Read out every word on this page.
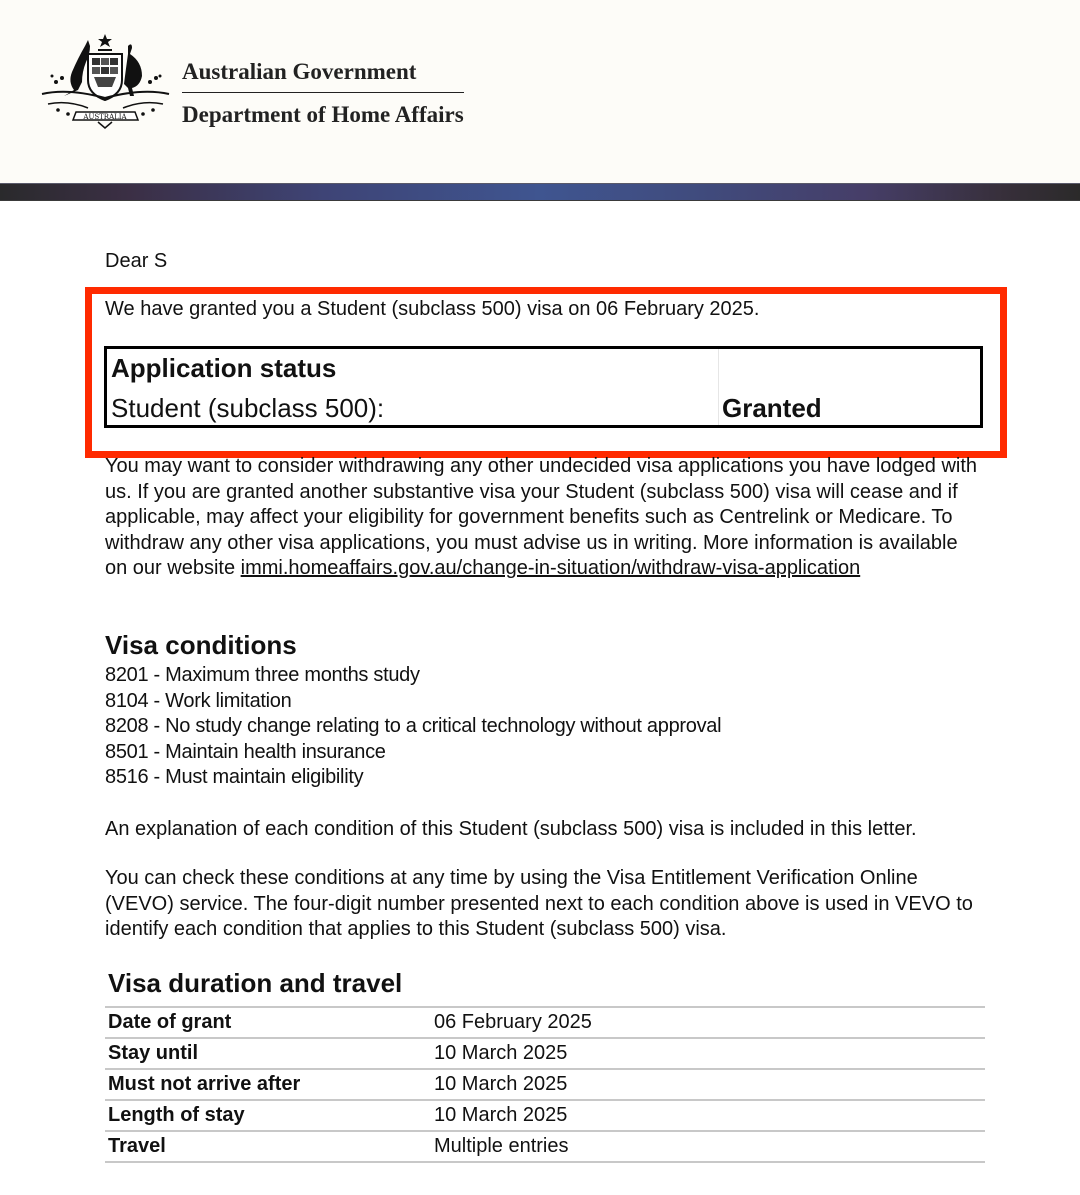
AUSTRALIA
Australian Government
Department of Home Affairs
Dear S
We have granted you a Student (subclass 500) visa on 06 February 2025.
Application status
Student (subclass 500):	Granted
You may want to consider withdrawing any other undecided visa applications you have lodged with us. If you are granted another substantive visa your Student (subclass 500) visa will cease and if applicable, may affect your eligibility for government benefits such as Centrelink or Medicare. To withdraw any other visa applications, you must advise us in writing. More information is available on our website immi.homeaffairs.gov.au/change-in-situation/withdraw-visa-application
Visa conditions
8201 - Maximum three months study
8104 - Work limitation
8208 - No study change relating to a critical technology without approval
8501 - Maintain health insurance
8516 - Must maintain eligibility
An explanation of each condition of this Student (subclass 500) visa is included in this letter.
You can check these conditions at any time by using the Visa Entitlement Verification Online (VEVO) service. The four-digit number presented next to each condition above is used in VEVO to identify each condition that applies to this Student (subclass 500) visa.
Visa duration and travel
Date of grant	06 February 2025
Stay until	10 March 2025
Must not arrive after	10 March 2025
Length of stay	10 March 2025
Travel	Multiple entries
